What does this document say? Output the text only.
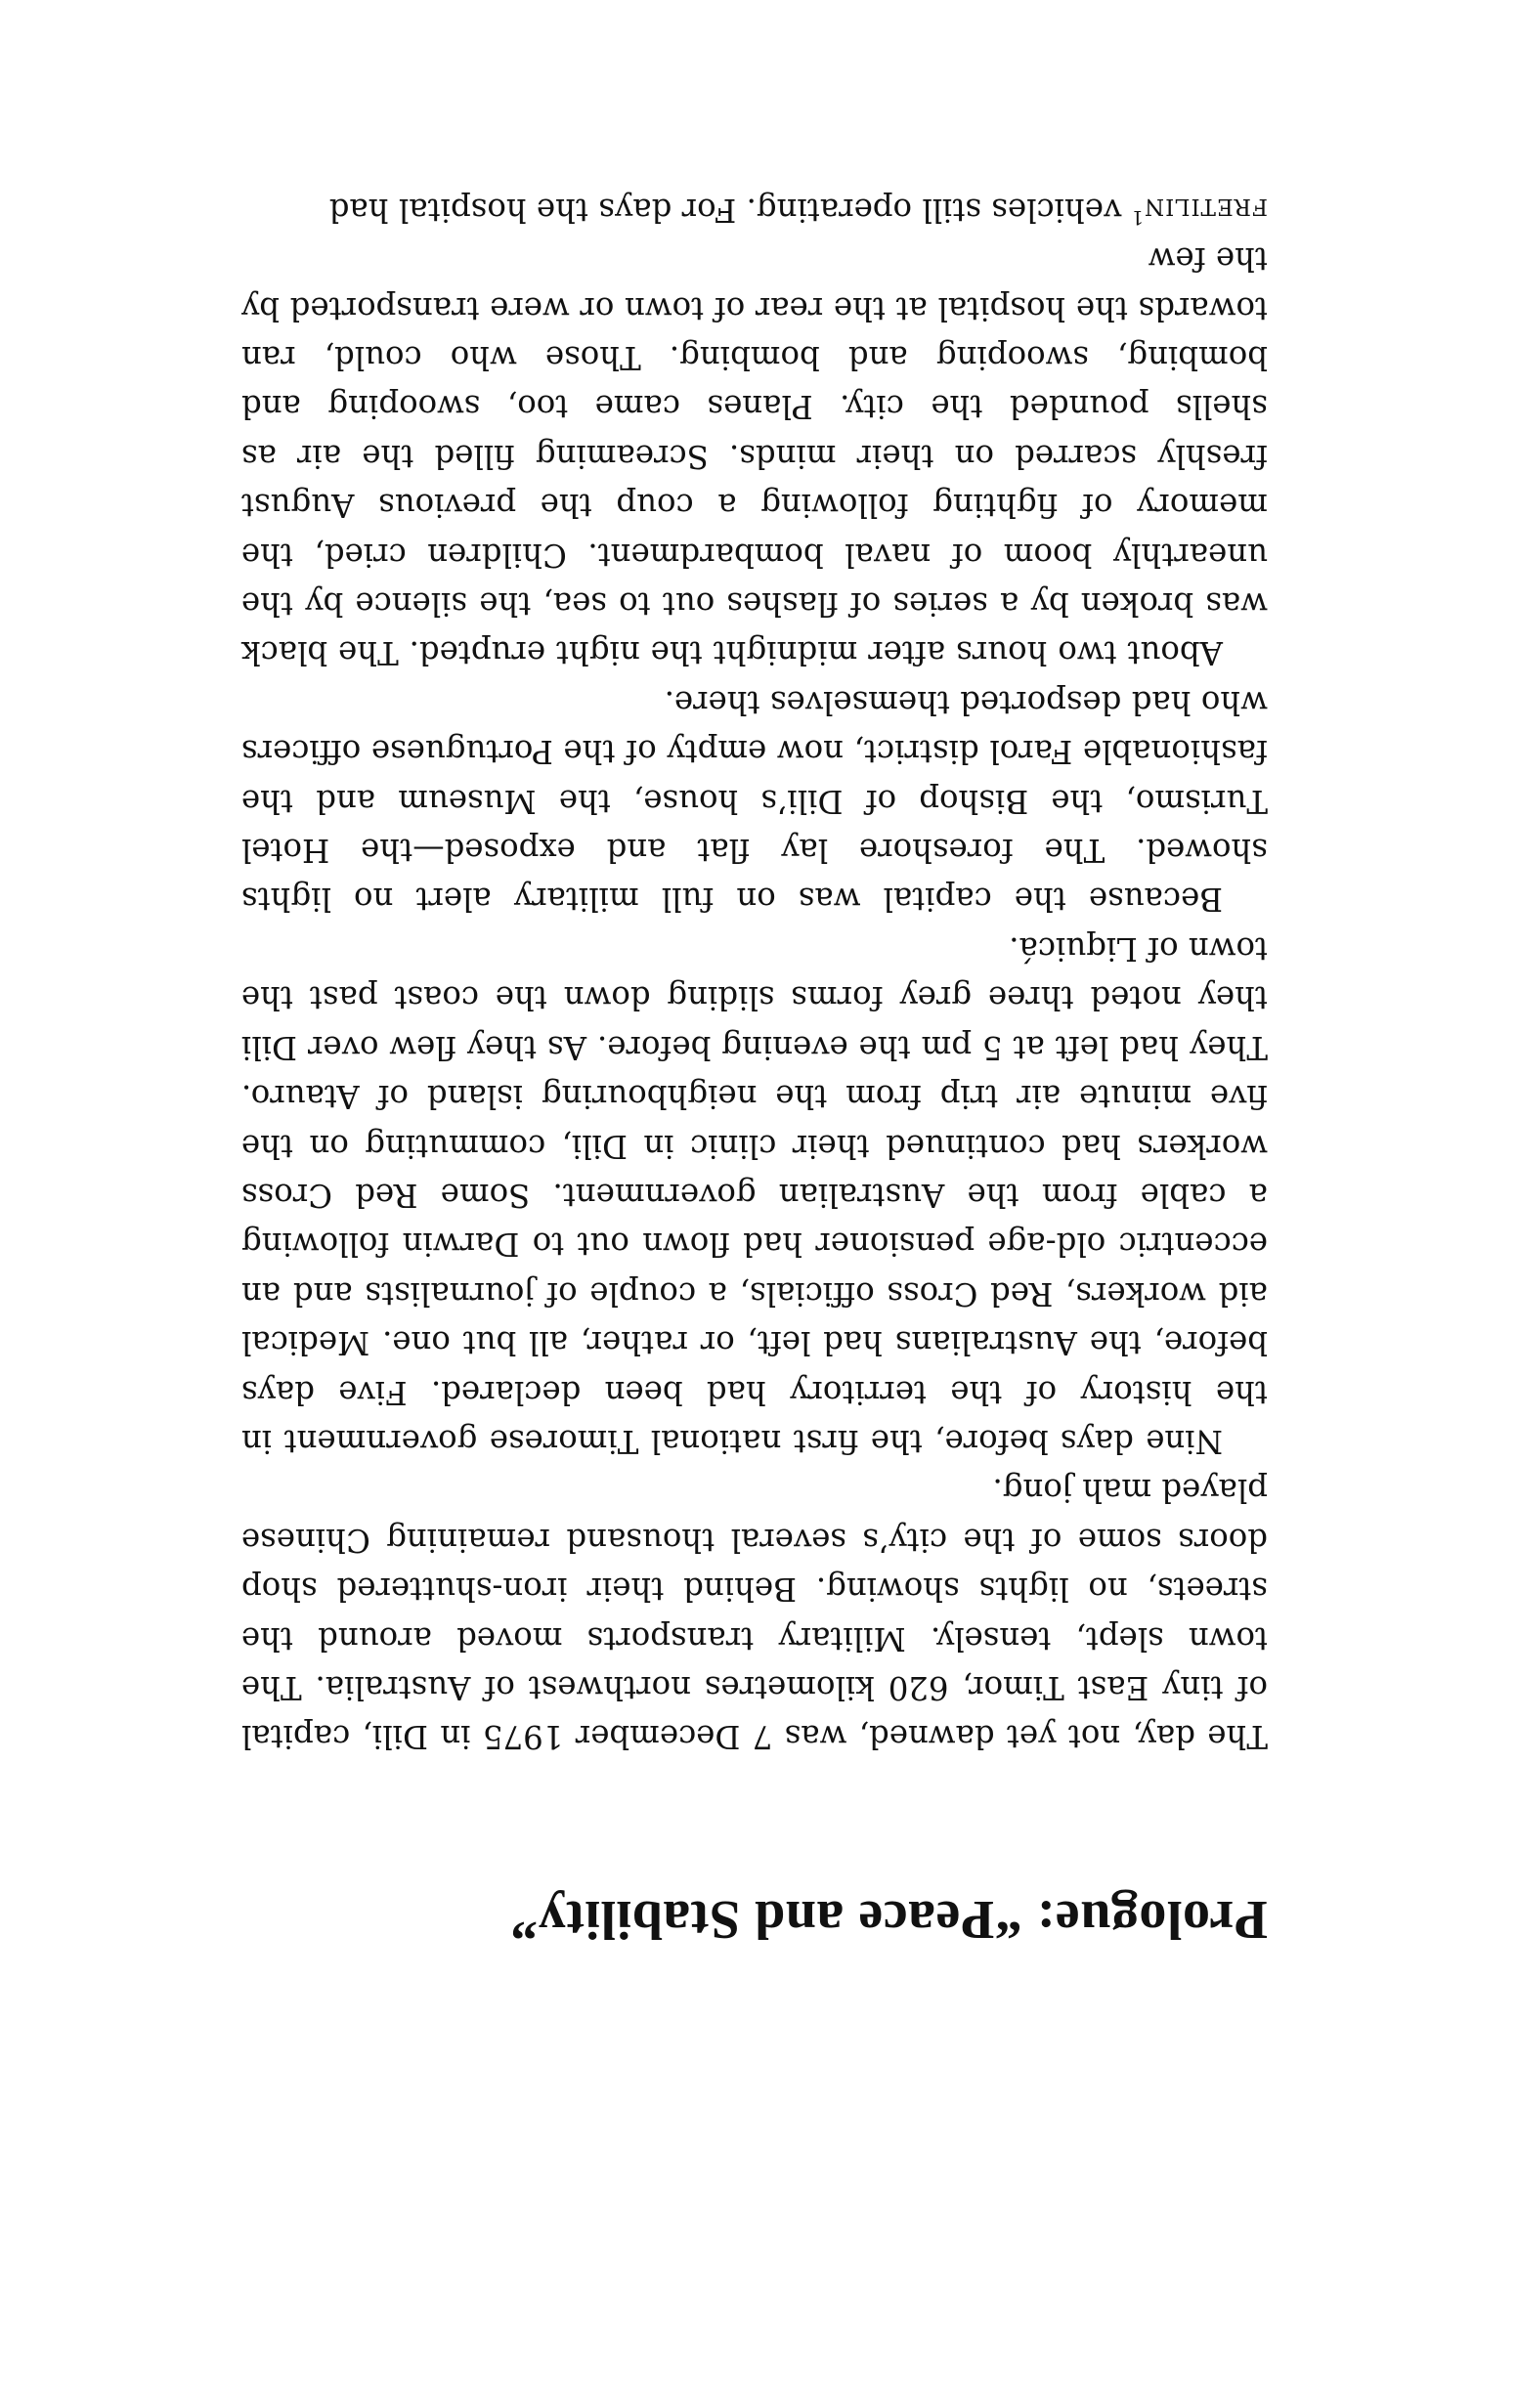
Prologue: “Peace and Stability”

The day, not yet dawned, was 7 December 1975 in Dili, capital of tiny East Timor, 620 kilometres northwest of Australia. The town slept, tensely. Military transports moved around the streets, no lights showing. Behind their iron-shuttered shop doors some of the city’s several thousand remaining Chinese played mah jong.

Nine days before, the first national Timorese government in the history of the territory had been declared. Five days before, the Australians had left, or rather, all but one. Medical aid workers, Red Cross officials, a couple of journalists and an eccentric old-age pensioner had flown out to Darwin following a cable from the Australian government. Some Red Cross workers had continued their clinic in Dili, commuting on the five minute air trip from the neighbouring island of Atauro. They had left at 5 pm the evening before. As they flew over Dili they noted three grey forms sliding down the coast past the town of Liquicá.

Because the capital was on full military alert no lights showed. The foreshore lay flat and exposed—the Hotel Turismo, the Bishop of Dili’s house, the Museum and the fashionable Farol district, now empty of the Portuguese officers who had desported themselves there.

About two hours after midnight the night erupted. The black was broken by a series of flashes out to sea, the silence by the unearthly boom of naval bombardment. Children cried, the memory of fighting following a coup the previous August freshly scarred on their minds. Screaming filled the air as shells pounded the city. Planes came too, swooping and bombing, swooping and bombing. Those who could, ran towards the hospital at the rear of town or were transported by the few
fretilin$^1$ vehicles still operating. For days the hospital had
